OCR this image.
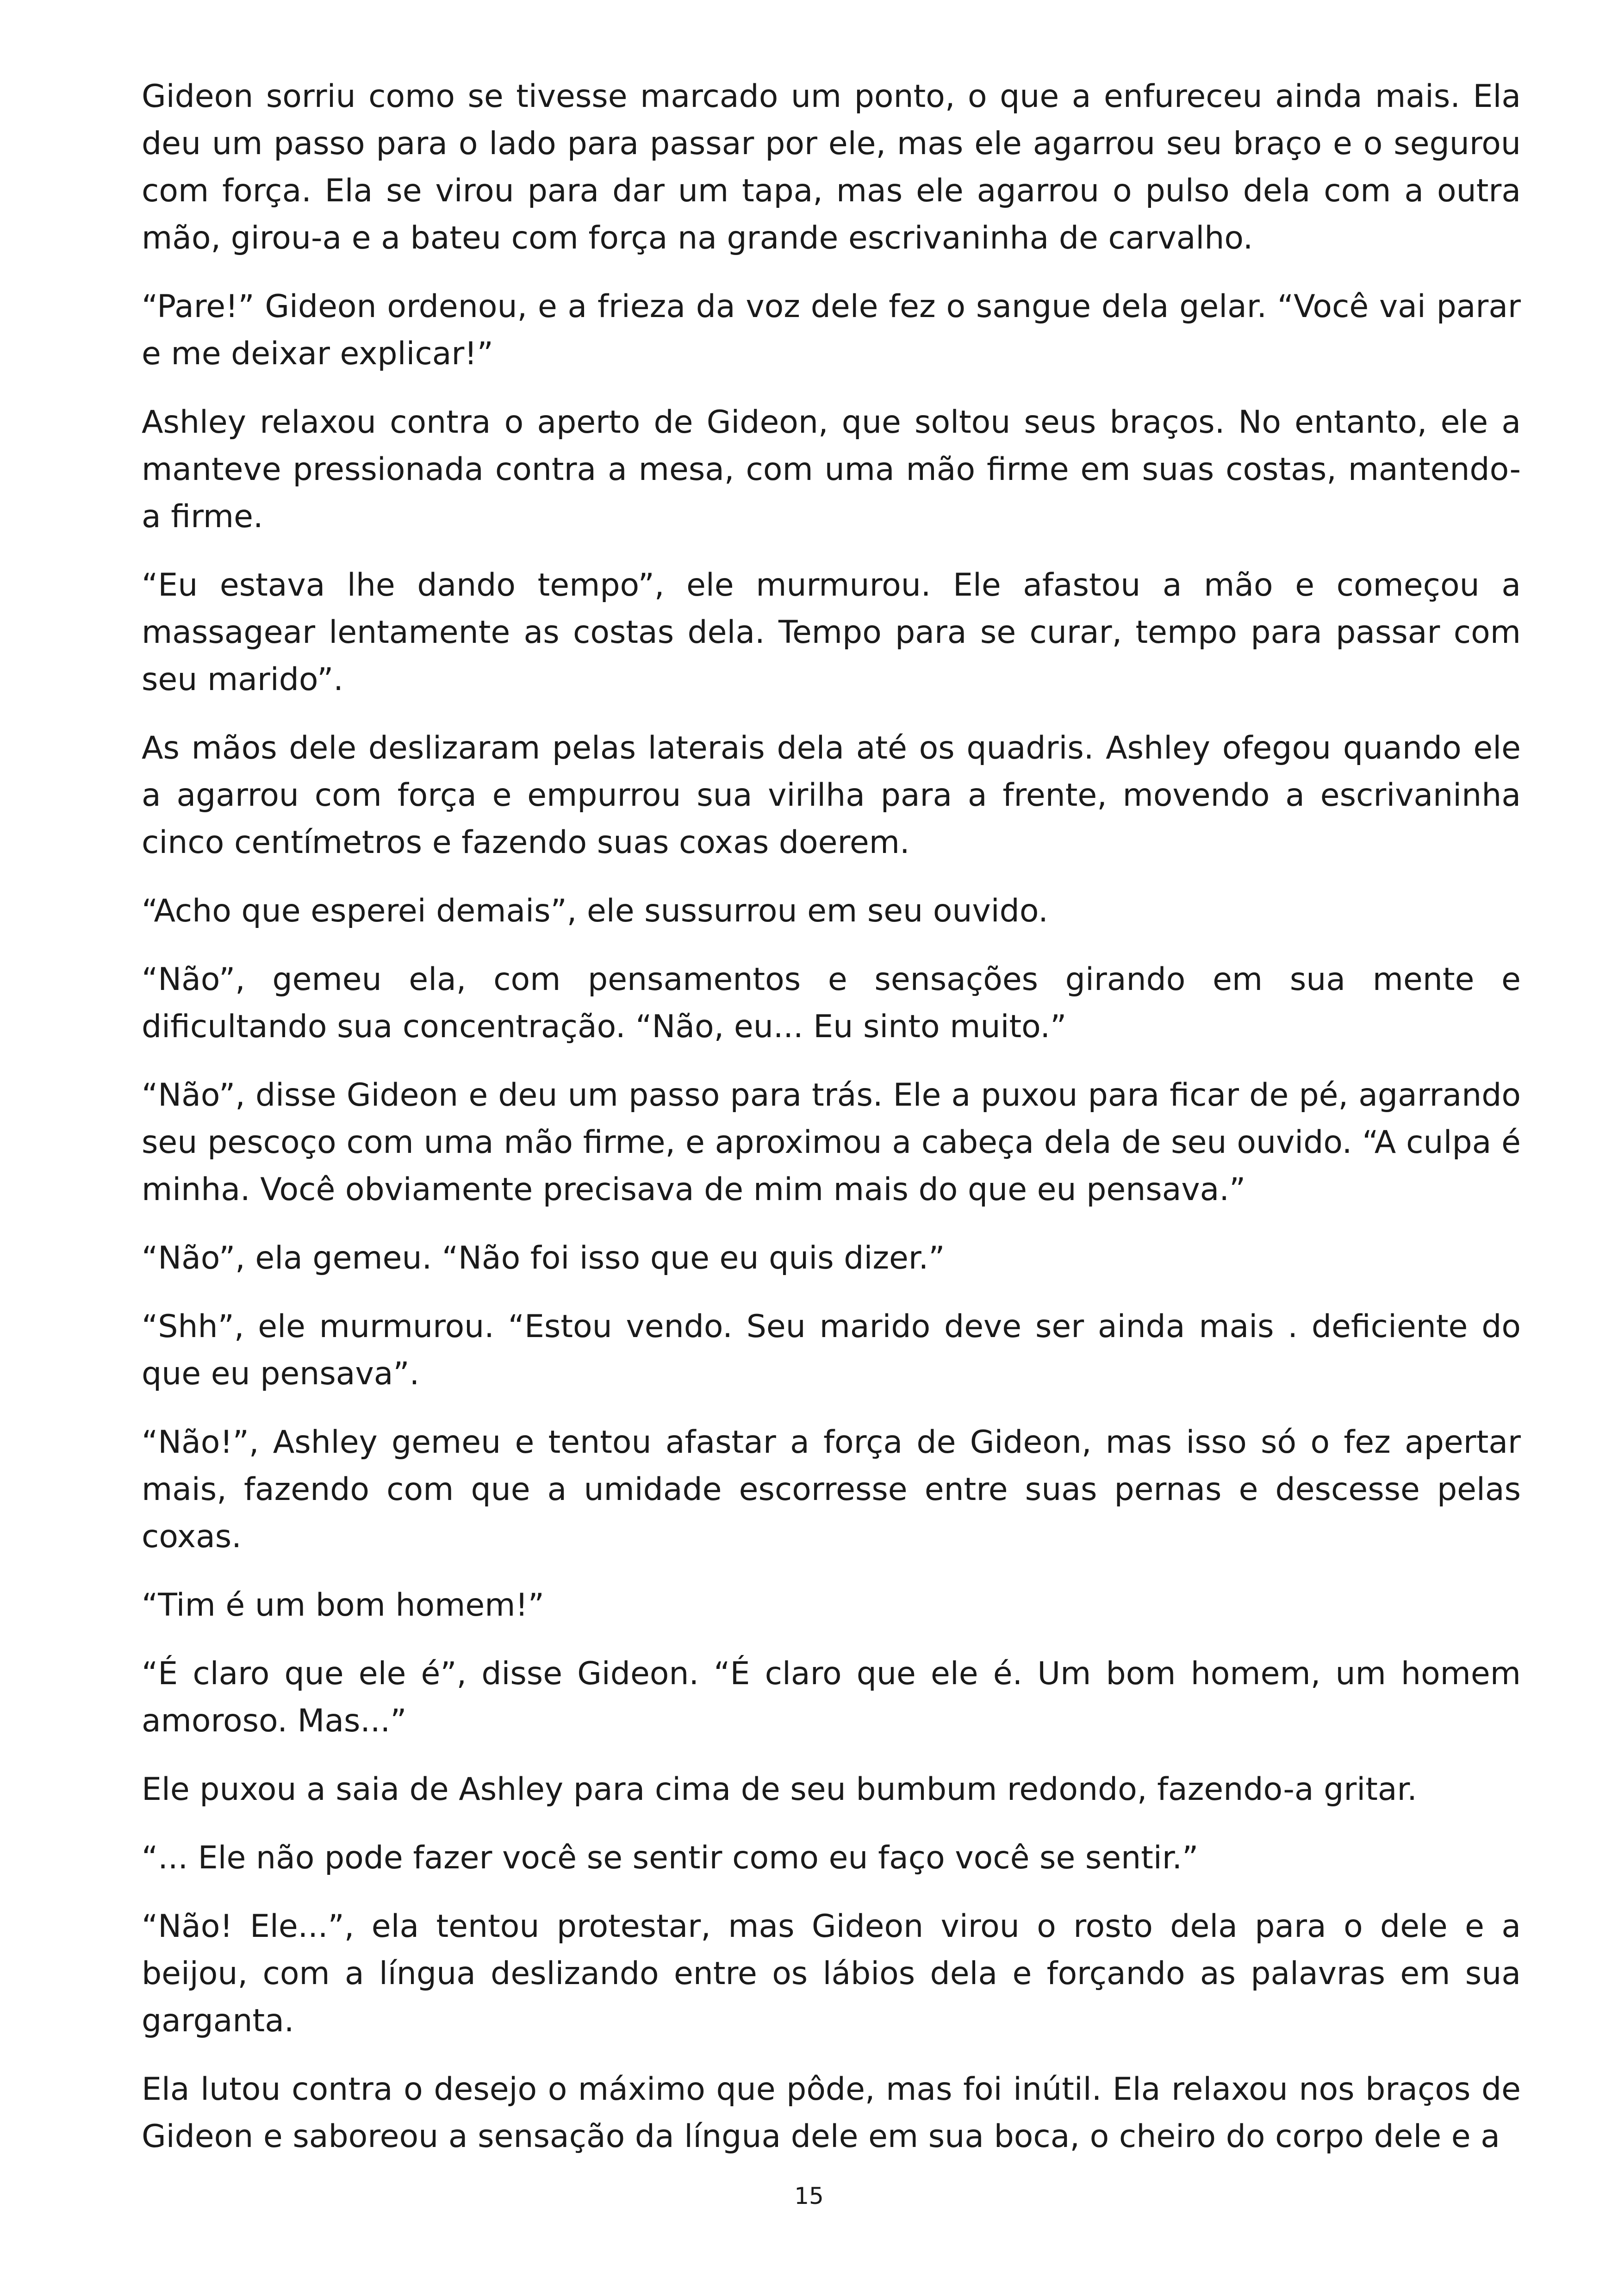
Gideon sorriu como se tivesse marcado um ponto, o que a enfureceu ainda mais. Ela deu um passo para o lado para passar por ele, mas ele agarrou seu braço e o segurou com força. Ela se virou para dar um tapa, mas ele agarrou o pulso dela com a outra mão, girou-a e a bateu com força na grande escrivaninha de carvalho.

“Pare!” Gideon ordenou, e a frieza da voz dele fez o sangue dela gelar. “Você vai parar e me deixar explicar!”

Ashley relaxou contra o aperto de Gideon, que soltou seus braços. No entanto, ele a manteve pressionada contra a mesa, com uma mão firme em suas costas, mantendo-a firme.

“Eu estava lhe dando tempo”, ele murmurou. Ele afastou a mão e começou a massagear lentamente as costas dela. Tempo para se curar, tempo para passar com seu marido”.

As mãos dele deslizaram pelas laterais dela até os quadris. Ashley ofegou quando ele a agarrou com força e empurrou sua virilha para a frente, movendo a escrivaninha cinco centímetros e fazendo suas coxas doerem.

“Acho que esperei demais”, ele sussurrou em seu ouvido.

“Não”, gemeu ela, com pensamentos e sensações girando em sua mente e dificultando sua concentração. “Não, eu... Eu sinto muito.”

“Não”, disse Gideon e deu um passo para trás. Ele a puxou para ficar de pé, agarrando seu pescoço com uma mão firme, e aproximou a cabeça dela de seu ouvido. “A culpa é minha. Você obviamente precisava de mim mais do que eu pensava.”

“Não”, ela gemeu. “Não foi isso que eu quis dizer.”

“Shh”, ele murmurou. “Estou vendo. Seu marido deve ser ainda mais . deficiente do que eu pensava”.

“Não!”, Ashley gemeu e tentou afastar a força de Gideon, mas isso só o fez apertar mais, fazendo com que a umidade escorresse entre suas pernas e descesse pelas coxas.

“Tim é um bom homem!”

“É claro que ele é”, disse Gideon. “É claro que ele é. Um bom homem, um homem amoroso. Mas...”

Ele puxou a saia de Ashley para cima de seu bumbum redondo, fazendo-a gritar.

“... Ele não pode fazer você se sentir como eu faço você se sentir.”

“Não! Ele...”, ela tentou protestar, mas Gideon virou o rosto dela para o dele e a beijou, com a língua deslizando entre os lábios dela e forçando as palavras em sua garganta.

Ela lutou contra o desejo o máximo que pôde, mas foi inútil. Ela relaxou nos braços de Gideon e saboreou a sensação da língua dele em sua boca, o cheiro do corpo dele e a

15
